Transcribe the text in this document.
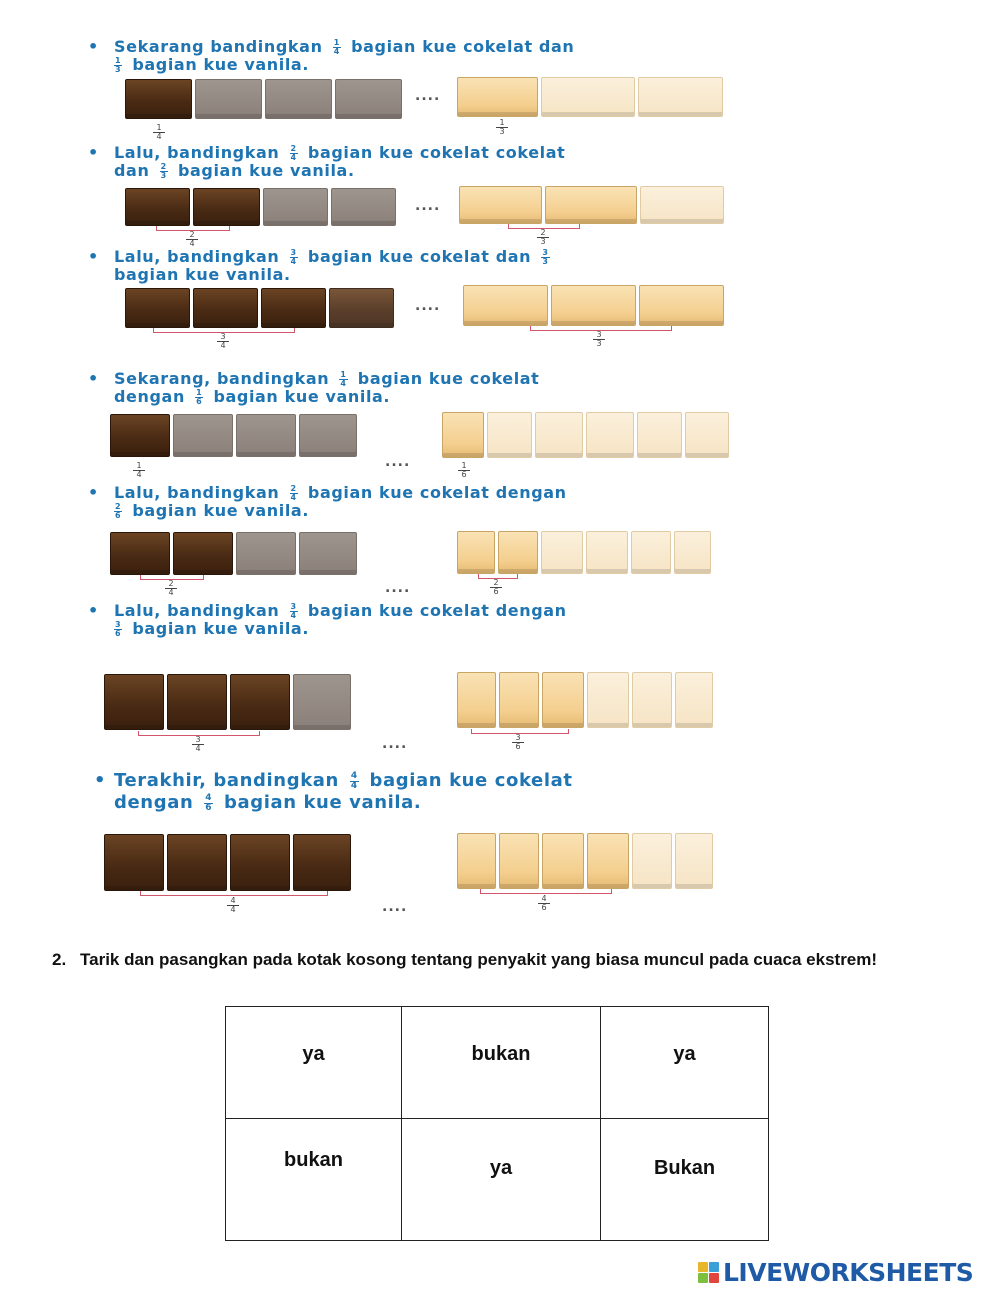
• Sekarang bandingkan $\frac{1}{4}$ bagian kue cokelat dan
$\frac{1}{3}$ bagian kue vanila.
....
1
4
1
3
• Lalu, bandingkan $\frac{2}{4}$ bagian kue cokelat cokelat
dan $\frac{2}{3}$ bagian kue vanila.
....
2
4
2
3
• Lalu, bandingkan $\frac{3}{4}$ bagian kue cokelat dan $\frac{3}{3}$
bagian kue vanila.
....
3
4
3
3
• Sekarang, bandingkan $\frac{1}{4}$ bagian kue cokelat
dengan $\frac{1}{6}$ bagian kue vanila.
....
1
4
1
6
• Lalu, bandingkan $\frac{2}{4}$ bagian kue cokelat dengan
$\frac{2}{6}$ bagian kue vanila.
....
2
4
2
6
• Lalu, bandingkan $\frac{3}{4}$ bagian kue cokelat dengan
$\frac{3}{6}$ bagian kue vanila.
....
3
4
3
6
• Terakhir, bandingkan $\frac{4}{4}$ bagian kue cokelat
dengan $\frac{4}{6}$ bagian kue vanila.
....
4
4
4
6
2. Tarik dan pasangkan pada kotak kosong tentang penyakit yang biasa muncul pada cuaca ekstrem!
ya	bukan	ya
bukan	ya	Bukan
LIVEWORKSHEETS
